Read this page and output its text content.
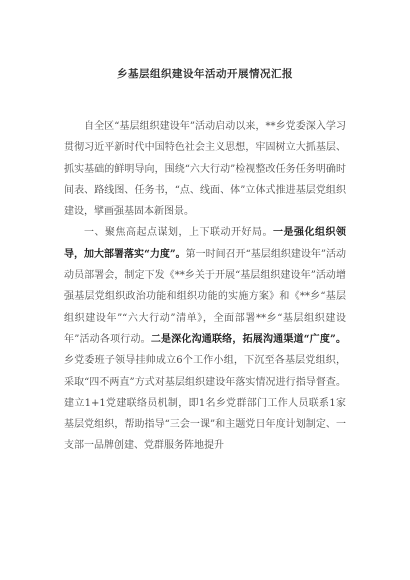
乡基层组织建设年活动开展情况汇报

自全区“基层组织建设年”活动启动以来，**乡党委深入学习贯彻习近平新时代中国特色社会主义思想，牢固树立大抓基层、抓实基础的鲜明导向，围绕“六大行动”检视整改任务任务明确时间表、路线图、任务书，“点、线面、体”立体式推进基层党组织建设，擘画强基固本新图景。

一、聚焦高起点谋划，上下联动开好局。一是强化组织领导，加大部署落实“力度”。第一时间召开“基层组织建设年”活动动员部署会，制定下发《**乡关于开展“基层组织建设年”活动增强基层党组织政治功能和组织功能的实施方案》和《**乡“基层组织建设年”“六大行动”清单》，全面部署**乡“基层组织建设年”活动各项行动。二是深化沟通联络，拓展沟通渠道“广度”。乡党委班子领导挂帅成立6个工作小组，下沉至各基层党组织，采取“四不两直”方式对基层组织建设年落实情况进行指导督查。建立1+1党建联络员机制，即1名乡党群部门工作人员联系1家基层党组织，帮助指导“三会一课”和主题党日年度计划制定、一支部一品牌创建、党群服务阵地提升
